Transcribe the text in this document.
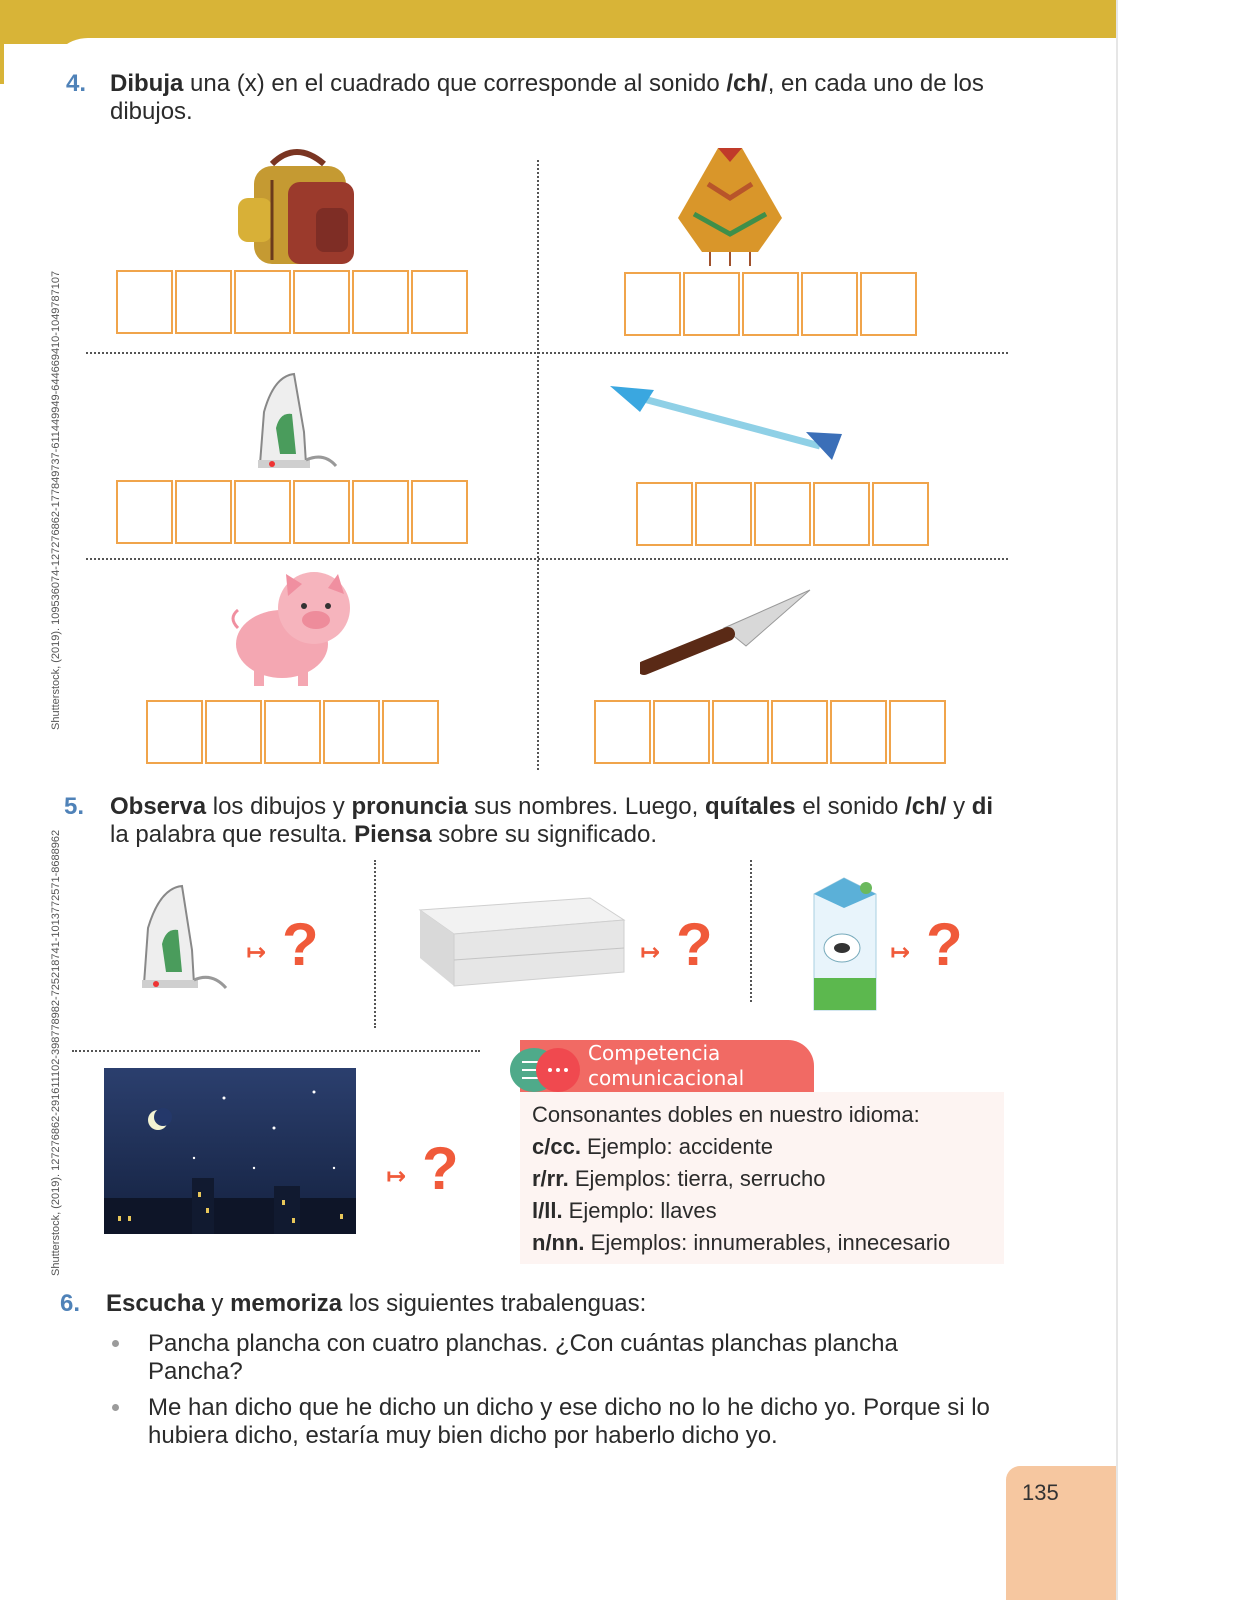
Shutterstock, (2019). 109536074-127276862-177849737-611449949-644669410-1049787107
Shutterstock, (2019). 127276862-291611102-398778982-725218741-1013772571-8688962
4. Dibuja una (x) en el cuadrado que corresponde al sonido /ch/, en cada uno de los dibujos.
5. Observa los dibujos y pronuncia sus nombres. Luego, quítales el sonido /ch/ y di la palabra que resulta. Piensa sobre su significado.
↦ ?	↦ ?	↦ ?
↦ ?
Competencia
comunicacional
Consonantes dobles en nuestro idioma:
c/cc. Ejemplo: accidente
r/rr. Ejemplos: tierra, serrucho
l/ll. Ejemplo: llaves
n/nn. Ejemplos: innumerables, innecesario
6. Escucha y memoriza los siguientes trabalenguas:
Pancha plancha con cuatro planchas. ¿Con cuántas planchas plancha Pancha?
Me han dicho que he dicho un dicho y ese dicho no lo he dicho yo. Porque si lo hubiera dicho, estaría muy bien dicho por haberlo dicho yo.
135
